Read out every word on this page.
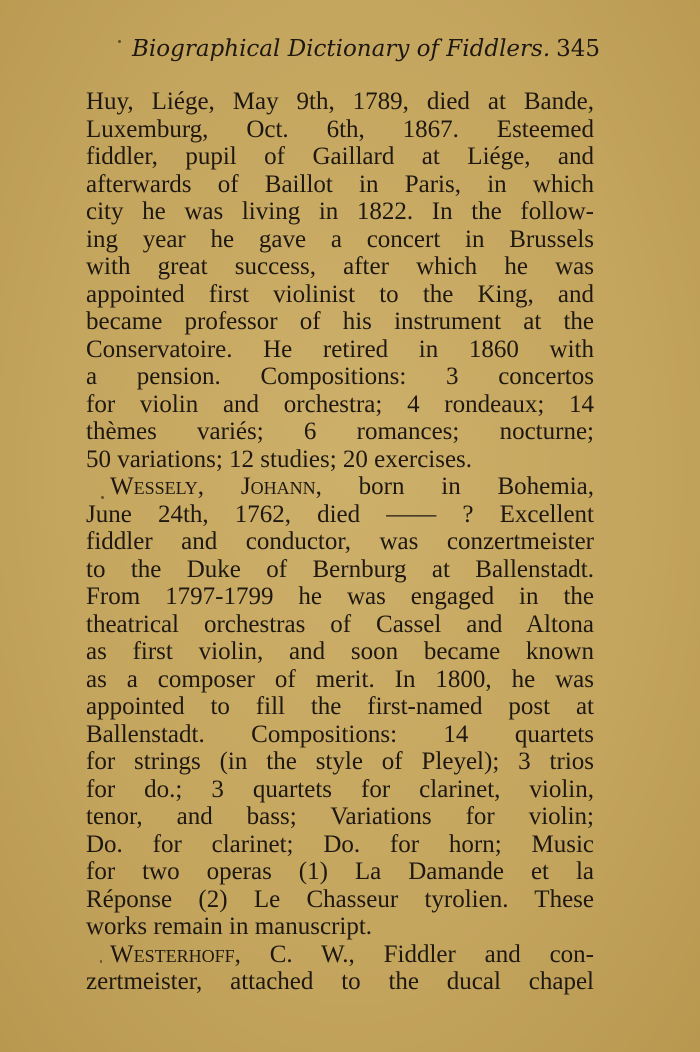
Biographical Dictionary of Fiddlers. 345
Huy, Liége, May 9th, 1789, died at Bande,
Luxemburg, Oct. 6th, 1867. Esteemed
fiddler, pupil of Gaillard at Liége, and
afterwards of Baillot in Paris, in which
city he was living in 1822. In the follow-
ing year he gave a concert in Brussels
with great success, after which he was
appointed first violinist to the King, and
became professor of his instrument at the
Conservatoire. He retired in 1860 with
a pension. Compositions: 3 concertos
for violin and orchestra; 4 rondeaux; 14
thèmes variés; 6 romances; nocturne;
50 variations; 12 studies; 20 exercises.
Wessely, Johann, born in Bohemia,
June 24th, 1762, died —— ? Excellent
fiddler and conductor, was conzertmeister
to the Duke of Bernburg at Ballenstadt.
From 1797-1799 he was engaged in the
theatrical orchestras of Cassel and Altona
as first violin, and soon became known
as a composer of merit. In 1800, he was
appointed to fill the first-named post at
Ballenstadt. Compositions: 14 quartets
for strings (in the style of Pleyel); 3 trios
for do.; 3 quartets for clarinet, violin,
tenor, and bass; Variations for violin;
Do. for clarinet; Do. for horn; Music
for two operas (1) La Damande et la
Réponse (2) Le Chasseur tyrolien. These
works remain in manuscript.
Westerhoff, C. W., Fiddler and con-
zertmeister, attached to the ducal chapel
